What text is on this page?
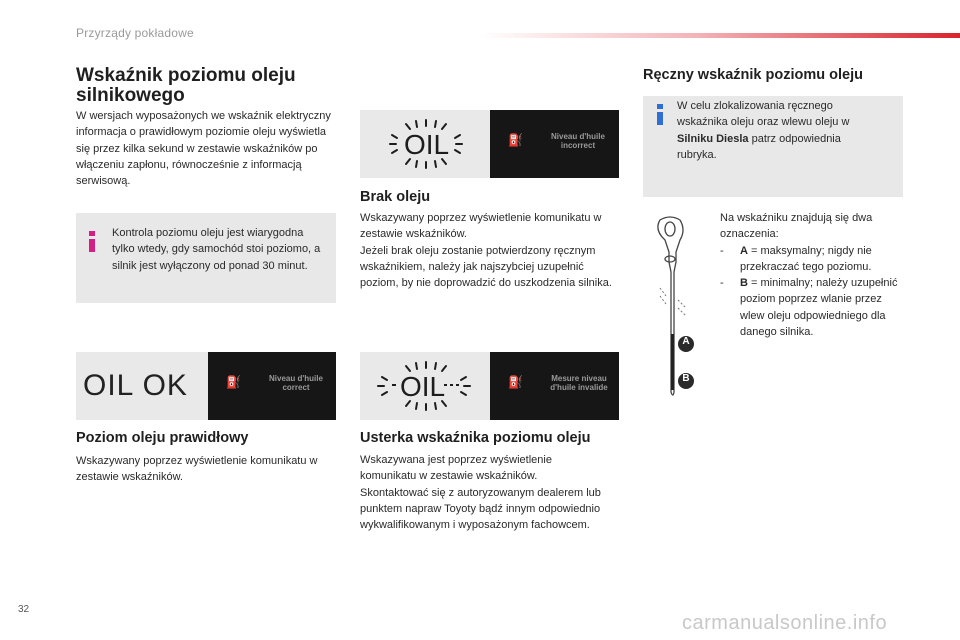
Przyrządy pokładowe
Wskaźnik poziomu oleju
silnikowego

W wersjach wyposażonych we wskaźnik elektryczny informacja o prawidłowym poziomie oleju wyświetla się przez kilka sekund w zestawie wskaźników po włączeniu zapłonu, równocześnie z informacją serwisową.

Kontrola poziomu oleju jest wiarygodna tylko wtedy, gdy samochód stoi poziomo, a silnik jest wyłączony od ponad 30 minut.

OIL OK	⛽	Niveau d'huile correct
Poziom oleju prawidłowy

Wskazywany poprzez wyświetlenie komunikatu w zestawie wskaźników.

OIL	⛽	Niveau d'huile incorrect
Brak oleju

Wskazywany poprzez wyświetlenie komunikatu w zestawie wskaźników.

Jeżeli brak oleju zostanie potwierdzony ręcznym wskaźnikiem, należy jak najszybciej uzupełnić poziom, by nie doprowadzić do uszkodzenia silnika.

OIL	⛽	Mesure niveau d'huile invalide
Usterka wskaźnika poziomu oleju

Wskazywana jest poprzez wyświetlenie komunikatu w zestawie wskaźników.

Skontaktować się z autoryzowanym dealerem lub punktem napraw Toyoty bądź innym odpowiednio wykwalifikowanym i wyposażonym fachowcem.

Ręczny wskaźnik poziomu oleju

W celu zlokalizowania ręcznego wskaźnika oleju oraz wlewu oleju w Silniku Diesla patrz odpowiednia rubryka.

A
B

Na wskaźniku znajdują się dwa oznaczenia:

- A = maksymalny; nigdy nie przekraczać tego poziomu.
- B = minimalny; należy uzupełnić poziom poprzez wlanie przez wlew oleju odpowiedniego dla danego silnika.
32
carmanualsonline.info
